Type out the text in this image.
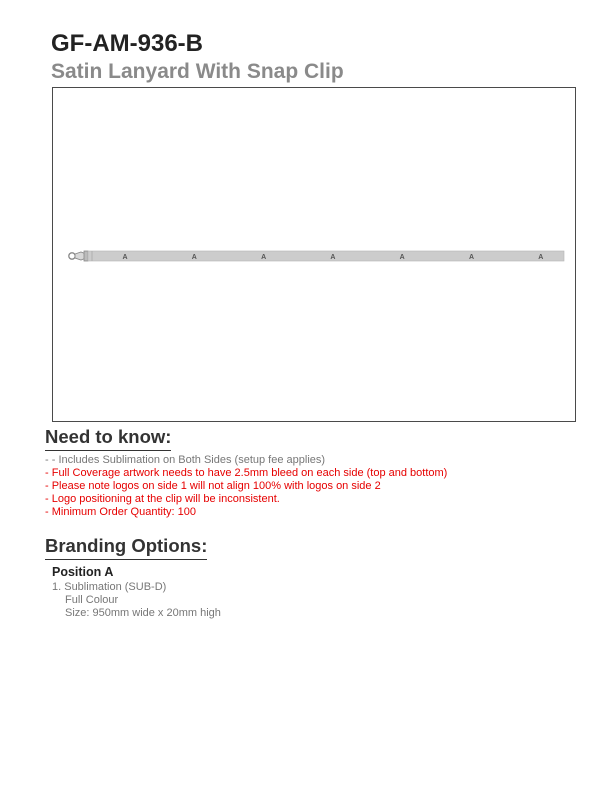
GF-AM-936-B
Satin Lanyard With Snap Clip
A	A	A	A	A	A	A
Need to know:
- - Includes Sublimation on Both Sides (setup fee applies)
- Full Coverage artwork needs to have 2.5mm bleed on each side (top and bottom)
- Please note logos on side 1 will not align 100% with logos on side 2
- Logo positioning at the clip will be inconsistent.
- Minimum Order Quantity: 100
Branding Options:
Position A
1. Sublimation (SUB-D)
Full Colour
Size: 950mm wide x 20mm high
